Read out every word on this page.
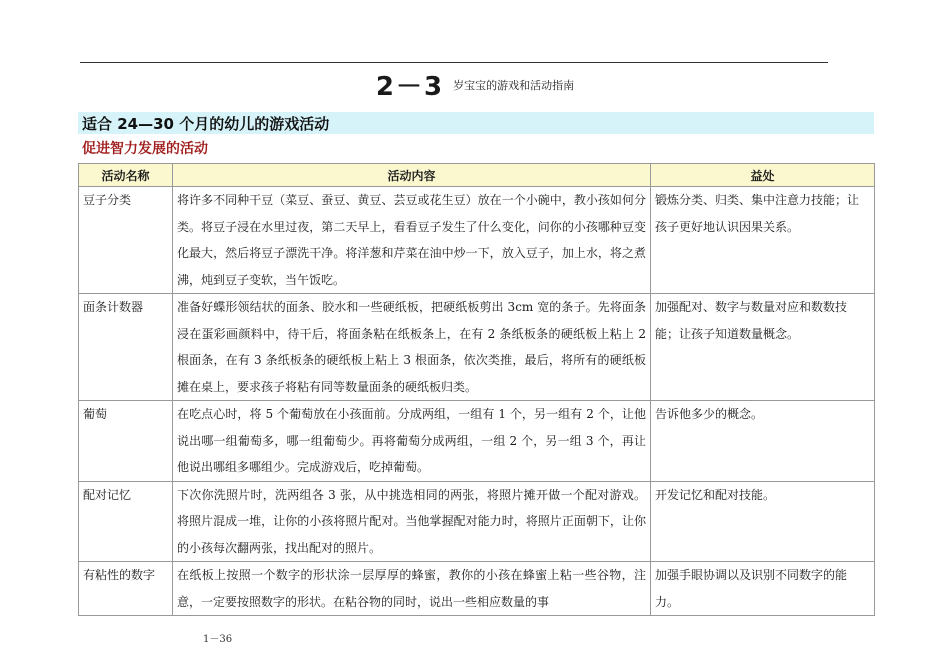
2－3 岁宝宝的游戏和活动指南
适合 24—30 个月的幼儿的游戏活动
促进智力发展的活动
活动名称	活动内容	益处
豆子分类	将许多不同种干豆（菜豆、蚕豆、黄豆、芸豆或花生豆）放在一个小碗中，教小孩如何分类。将豆子浸在水里过夜，第二天早上，看看豆子发生了什么变化，问你的小孩哪种豆变化最大，然后将豆子漂洗干净。将洋葱和芹菜在油中炒一下，放入豆子，加上水，将之煮沸，炖到豆子变软，当午饭吃。	锻炼分类、归类、集中注意力技能；让孩子更好地认识因果关系。
面条计数器	准备好蝶形领结状的面条、胶水和一些硬纸板，把硬纸板剪出 3cm 宽的条子。先将面条浸在蛋彩画颜料中，待干后，将面条粘在纸板条上，在有 2 条纸板条的硬纸板上粘上 2 根面条，在有 3 条纸板条的硬纸板上粘上 3 根面条，依次类推，最后，将所有的硬纸板摊在桌上，要求孩子将粘有同等数量面条的硬纸板归类。	加强配对、数字与数量对应和数数技能；让孩子知道数量概念。
葡萄	在吃点心时，将 5 个葡萄放在小孩面前。分成两组，一组有 1 个，另一组有 2 个，让他说出哪一组葡萄多，哪一组葡萄少。再将葡萄分成两组，一组 2 个，另一组 3 个，再让他说出哪组多哪组少。完成游戏后，吃掉葡萄。	告诉他多少的概念。
配对记忆	下次你洗照片时，洗两组各 3 张，从中挑选相同的两张，将照片摊开做一个配对游戏。将照片混成一堆，让你的小孩将照片配对。当他掌握配对能力时，将照片正面朝下，让你的小孩每次翻两张，找出配对的照片。	开发记忆和配对技能。
有粘性的数字	在纸板上按照一个数字的形状涂一层厚厚的蜂蜜，教你的小孩在蜂蜜上粘一些谷物，注意，一定要按照数字的形状。在粘谷物的同时，说出一些相应数量的事	加强手眼协调以及识别不同数字的能力。
1－36
